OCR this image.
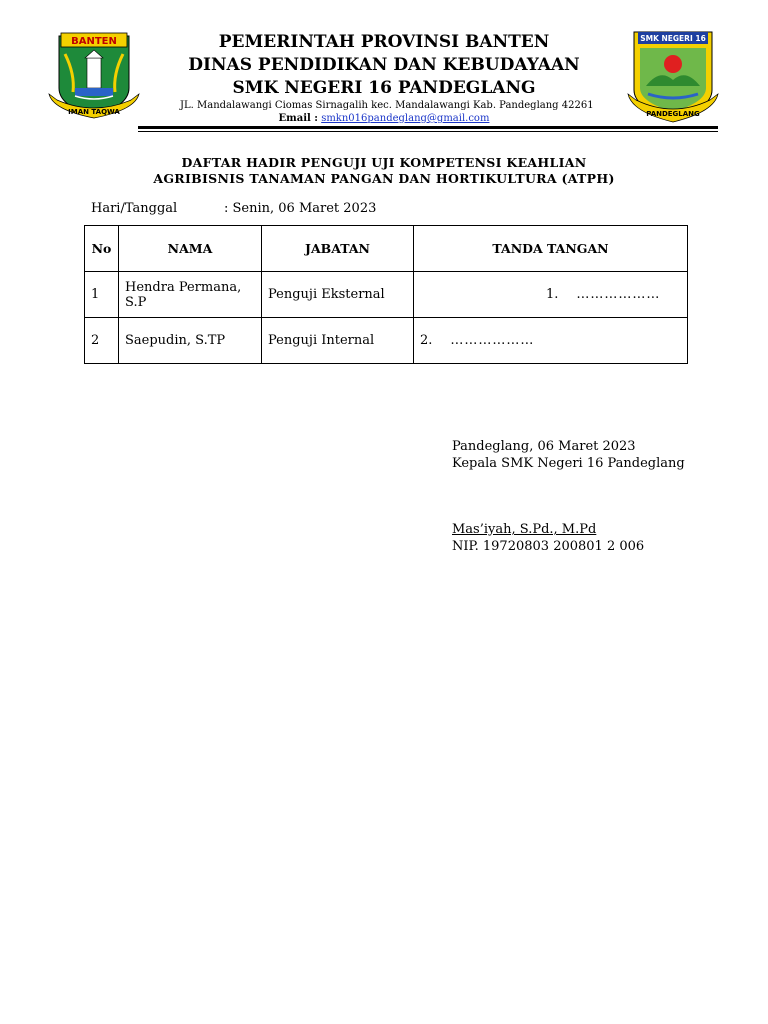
BANTEN
IMAN TAQWA
SMK NEGERI 16
PANDEGLANG
PEMERINTAH PROVINSI BANTEN
DINAS PENDIDIKAN DAN KEBUDAYAAN
SMK NEGERI 16 PANDEGLANG
JL. Mandalawangi Ciomas Sirnagalih kec. Mandalawangi Kab. Pandeglang 42261
Email : smkn016pandeglang@gmail.com
DAFTAR HADIR PENGUJI UJI KOMPETENSI KEAHLIAN
AGRIBISNIS TANAMAN PANGAN DAN HORTIKULTURA (ATPH)
Hari/Tanggal	: Senin, 06 Maret 2023
No	NAMA	JABATAN	TANDA TANGAN
1	Hendra Permana, S.P	Penguji Eksternal	1. ………………
2	Saepudin, S.TP	Penguji Internal	2. ………………
Pandeglang, 06 Maret 2023
Kepala SMK Negeri 16 Pandeglang
Mas’iyah, S.Pd., M.Pd
NIP. 19720803 200801 2 006
